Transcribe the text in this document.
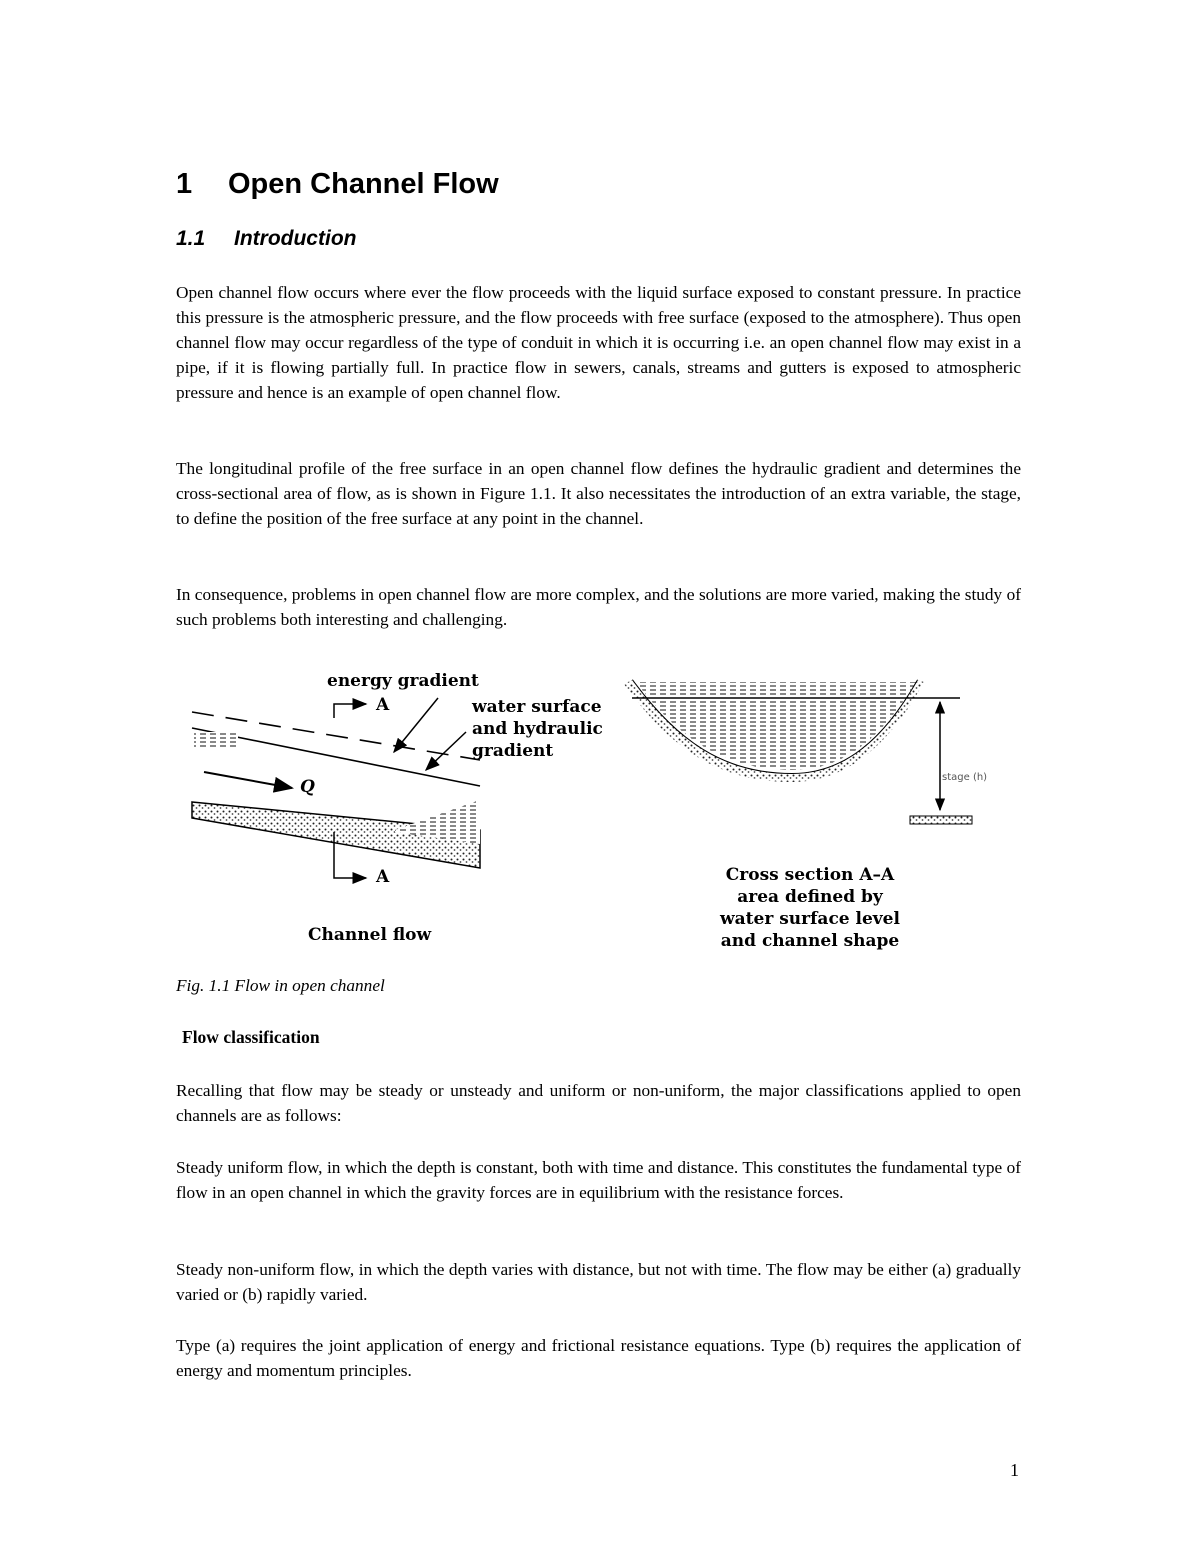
1 Open Channel Flow
1.1 Introduction

Open channel flow occurs where ever the flow proceeds with the liquid surface exposed to constant pressure. In practice this pressure is the atmospheric pressure, and the flow proceeds with free surface (exposed to the atmosphere). Thus open channel flow may occur regardless of the type of conduit in which it is occurring i.e. an open channel flow may exist in a pipe, if it is flowing partially full. In practice flow in sewers, canals, streams and gutters is exposed to atmospheric pressure and hence is an example of open channel flow.

The longitudinal profile of the free surface in an open channel flow defines the hydraulic gradient and determines the cross-sectional area of flow, as is shown in Figure 1.1. It also necessitates the introduction of an extra variable, the stage, to define the position of the free surface at any point in the channel.

In consequence, problems in open channel flow are more complex, and the solutions are more varied, making the study of such problems both interesting and challenging.

energy gradient

A	water surface

and hydraulic

gradient

Q

A

Channel flow

stage (h)

Cross section A–A

area defined by

water surface level

and channel shape

Fig. 1.1 Flow in open channel

Flow classification

Recalling that flow may be steady or unsteady and uniform or non-uniform, the major classifications applied to open channels are as follows:

Steady uniform flow, in which the depth is constant, both with time and distance. This constitutes the fundamental type of flow in an open channel in which the gravity forces are in equilibrium with the resistance forces.

Steady non-uniform flow, in which the depth varies with distance, but not with time. The flow may be either (a) gradually varied or (b) rapidly varied.

Type (a) requires the joint application of energy and frictional resistance equations. Type (b) requires the application of energy and momentum principles.

1
